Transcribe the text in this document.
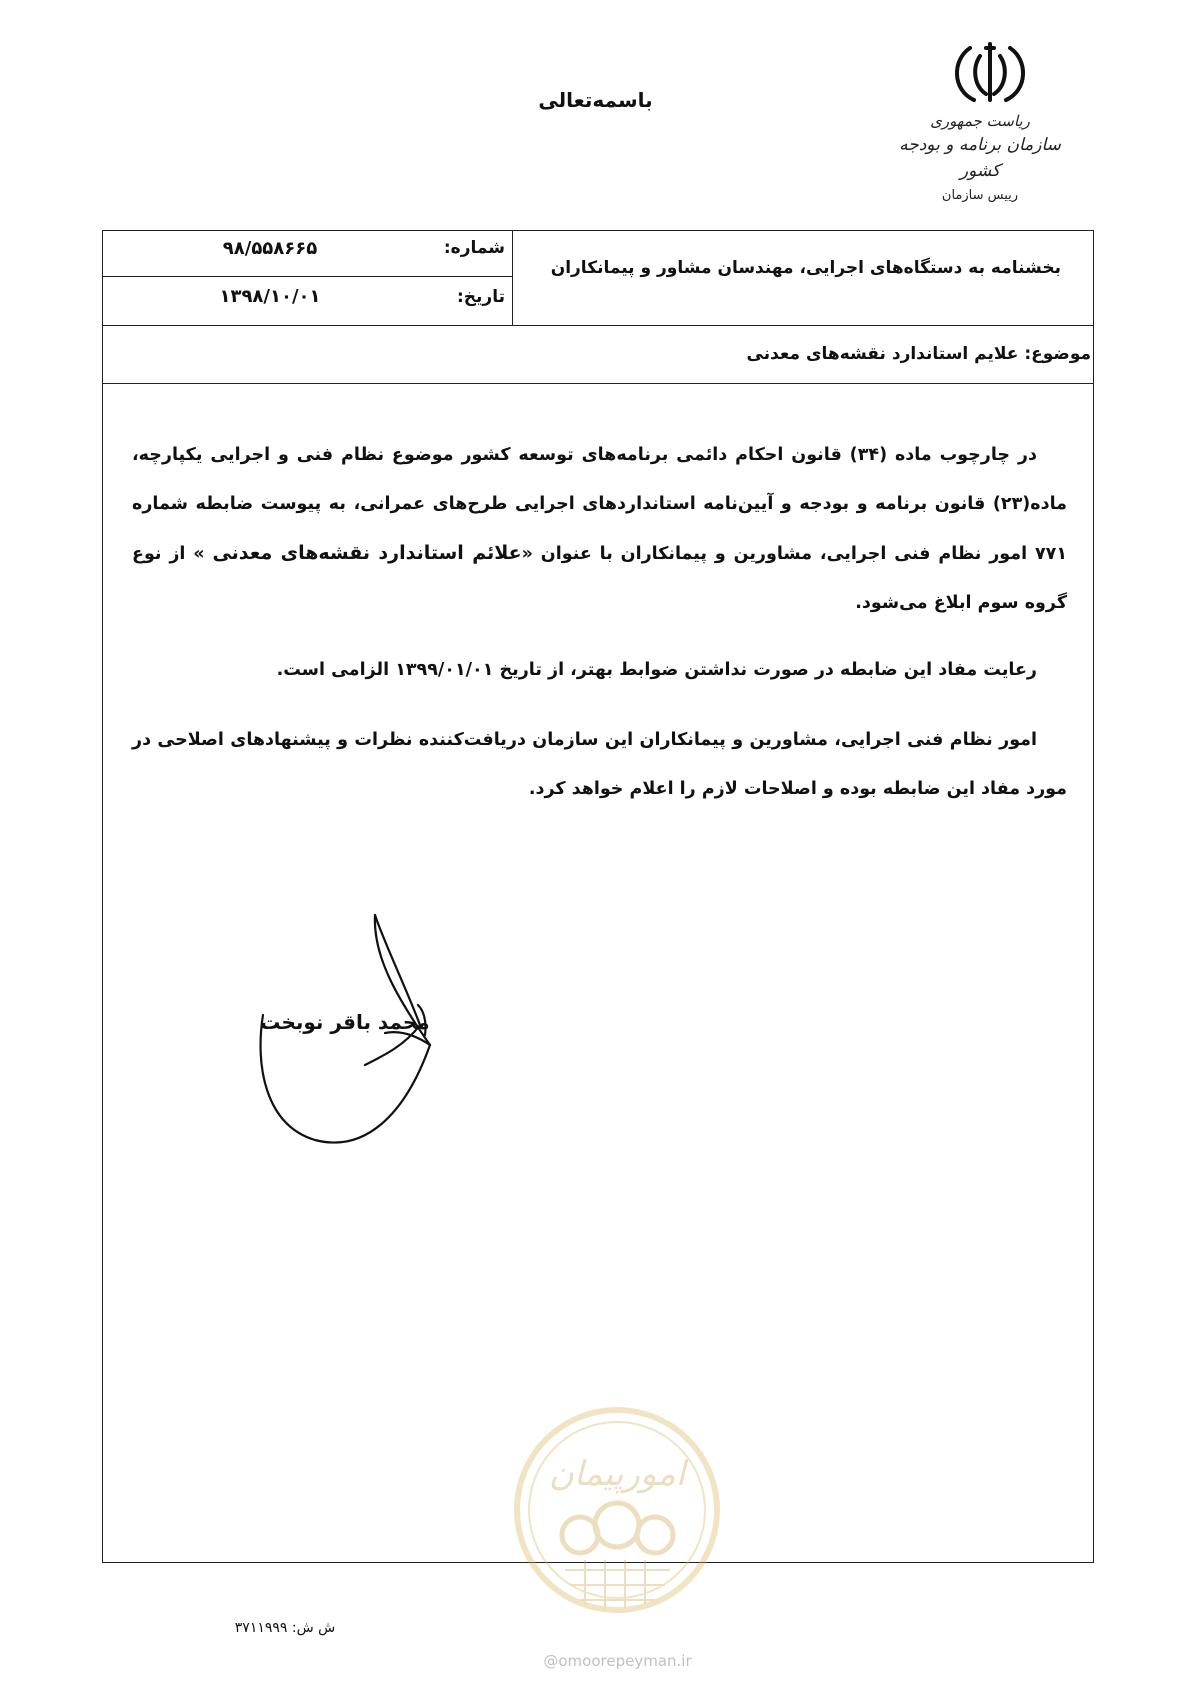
باسمه‌تعالی
ریاست جمهوری
سازمان برنامه و بودجه کشور
رییس سازمان
شماره:
۹۸/۵۵۸۶۶۵
تاریخ:
۱۳۹۸/۱۰/۰۱
بخشنامه به دستگاه‌های اجرایی، مهندسان مشاور و پیمانکاران
موضوع: علایم استاندارد نقشه‌های معدنی

در چارچوب ماده (۳۴) قانون احکام دائمی برنامه‌های توسعه کشور موضوع نظام فنی و اجرایی یکپارچه، ماده(۲۳) قانون برنامه و بودجه و آیین‌نامه استانداردهای اجرایی طرح‌های عمرانی، به پیوست ضابطه شماره ۷۷۱ امور نظام فنی اجرایی، مشاورین و پیمانکاران با عنوان «علائم استاندارد نقشه‌های معدنی » از نوع گروه سوم ابلاغ می‌شود.

رعایت مفاد این ضابطه در صورت نداشتن ضوابط بهتر، از تاریخ ۱۳۹۹/۰۱/۰۱ الزامی است.

امور نظام فنی اجرایی، مشاورین و پیمانکاران این سازمان دریافت‌کننده نظرات و پیشنهادهای اصلاحی در مورد مفاد این ضابطه بوده و اصلاحات لازم را اعلام خواهد کرد.

محمد باقر نوبخت
امورپیمان
@omoorepeyman.ir
ش ش: ۳۷۱۱۹۹۹
